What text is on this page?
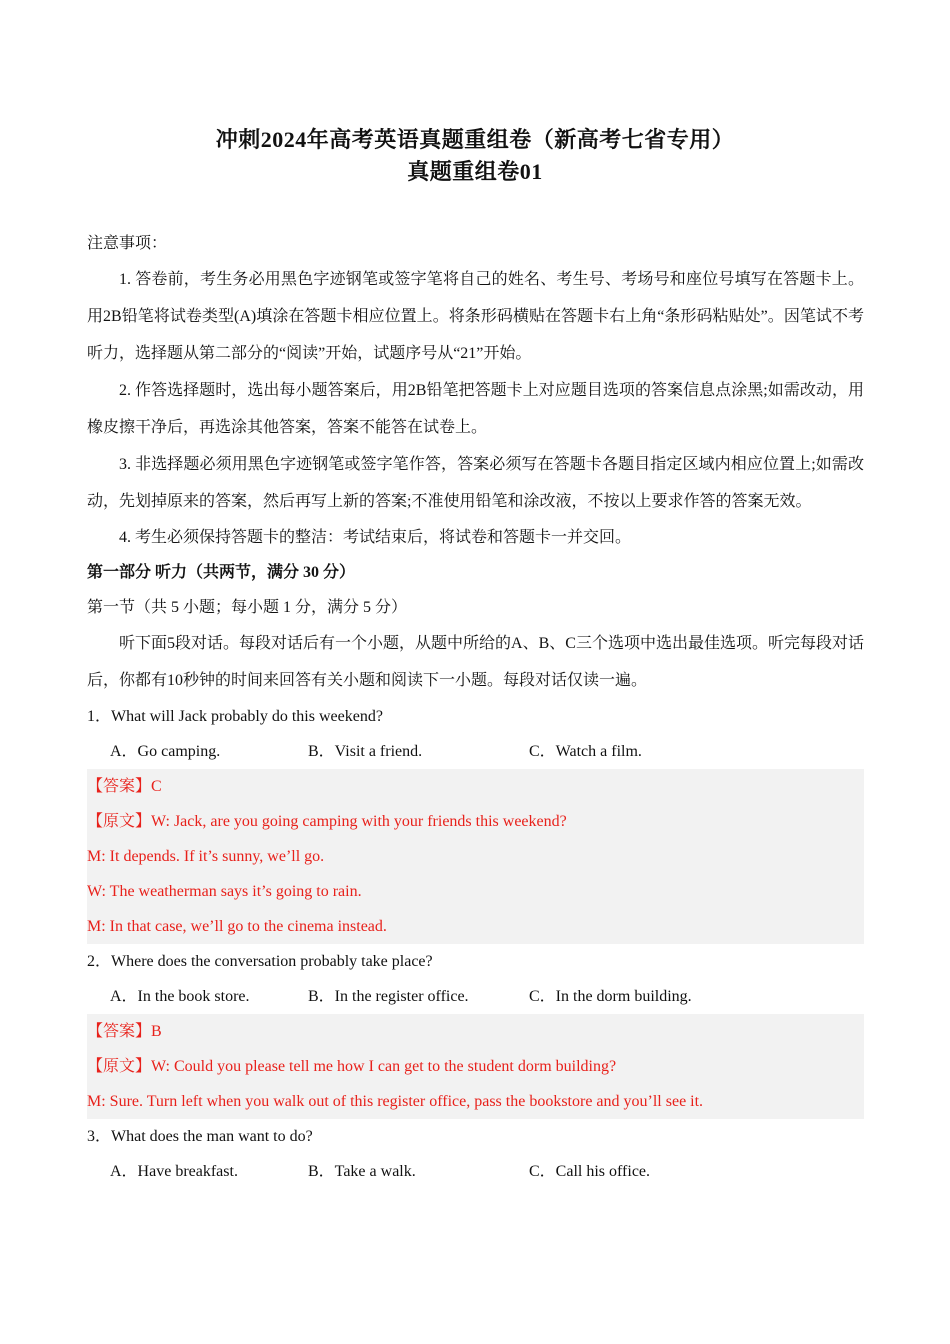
冲刺2024年高考英语真题重组卷（新高考七省专用）
真题重组卷01
注意事项：
1. 答卷前，考生务必用黑色字迹钢笔或签字笔将自己的姓名、考生号、考场号和座位号填写在答题卡上。用2B铅笔将试卷类型(A)填涂在答题卡相应位置上。将条形码横贴在答题卡右上角“条形码粘贴处”。因笔试不考听力，选择题从第二部分的“阅读”开始，试题序号从“21”开始。
2. 作答选择题时，选出每小题答案后，用2B铅笔把答题卡上对应题目选项的答案信息点涂黑;如需改动，用橡皮擦干净后，再选涂其他答案，答案不能答在试卷上。
3. 非选择题必须用黑色字迹钢笔或签字笔作答，答案必须写在答题卡各题目指定区域内相应位置上;如需改动，先划掉原来的答案，然后再写上新的答案;不准使用铅笔和涂改液，不按以上要求作答的答案无效。
4. 考生必须保持答题卡的整洁：考试结束后，将试卷和答题卡一并交回。
第一部分 听力（共两节，满分 30 分）
第一节（共 5 小题；每小题 1 分，满分 5 分）
听下面5段对话。每段对话后有一个小题，从题中所给的A、B、C三个选项中选出最佳选项。听完每段对话后，你都有10秒钟的时间来回答有关小题和阅读下一小题。每段对话仅读一遍。
1．What will Jack probably do this weekend?
A．Go camping.	B．Visit a friend.	C．Watch a film.
【答案】C
【原文】W: Jack, are you going camping with your friends this weekend?
M: It depends. If it’s sunny, we’ll go.
W: The weatherman says it’s going to rain.
M: In that case, we’ll go to the cinema instead.
2．Where does the conversation probably take place?
A．In the book store.	B．In the register office.	C．In the dorm building.
【答案】B
【原文】W: Could you please tell me how I can get to the student dorm building?
M: Sure. Turn left when you walk out of this register office, pass the bookstore and you’ll see it.
3．What does the man want to do?
A．Have breakfast.	B．Take a walk.	C．Call his office.
